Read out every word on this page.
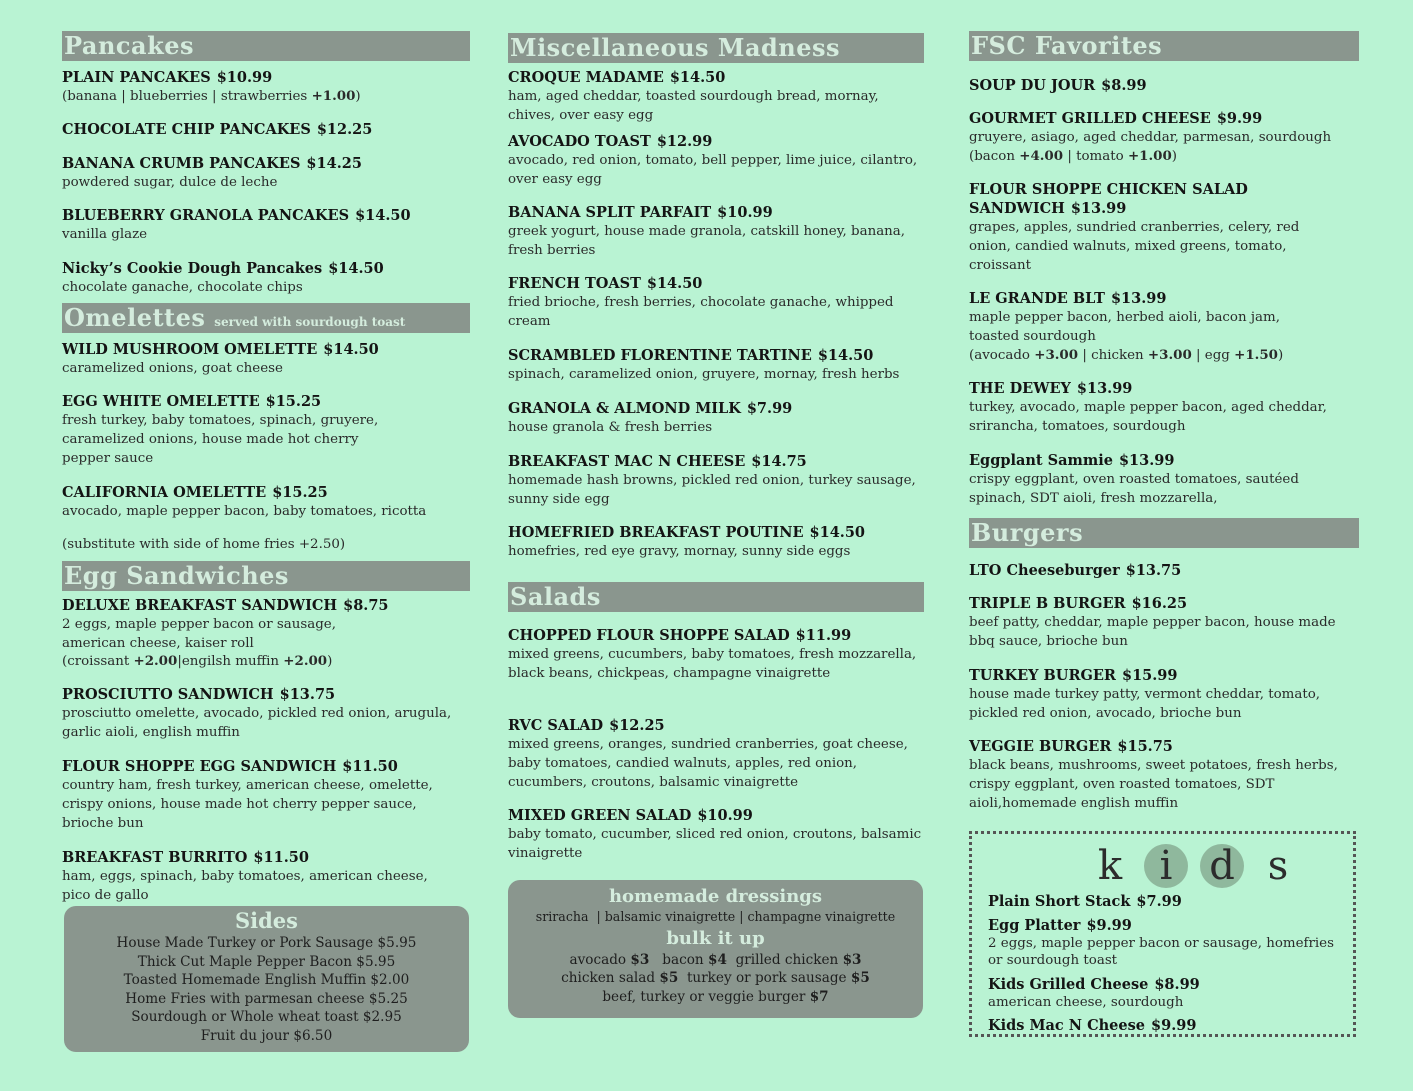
Pancakes
PLAIN PANCAKES $10.99
(banana | blueberries | strawberries +1.00)
CHOCOLATE CHIP PANCAKES $12.25
BANANA CRUMB PANCAKES $14.25

powdered sugar, dulce de leche

BLUEBERRY GRANOLA PANCAKES $14.50

vanilla glaze

Nicky’s Cookie Dough Pancakes $14.50

chocolate ganache, chocolate chips

Omelettes served with sourdough toast
WILD MUSHROOM OMELETTE $14.50

caramelized onions, goat cheese

EGG WHITE OMELETTE $15.25

fresh turkey, baby tomatoes, spinach, gruyere, caramelized onions, house made hot cherry pepper sauce

CALIFORNIA OMELETTE $15.25

avocado, maple pepper bacon, baby tomatoes, ricotta

(substitute with side of home fries +2.50)

Egg Sandwiches
DELUXE BREAKFAST SANDWICH $8.75

2 eggs, maple pepper bacon or sausage, american cheese, kaiser roll

(croissant +2.00|engilsh muffin +2.00)
PROSCIUTTO SANDWICH $13.75

prosciutto omelette, avocado, pickled red onion, arugula, garlic aioli, english muffin

FLOUR SHOPPE EGG SANDWICH $11.50

country ham, fresh turkey, american cheese, omelette, crispy onions, house made hot cherry pepper sauce, brioche bun

BREAKFAST BURRITO $11.50

ham, eggs, spinach, baby tomatoes, american cheese, pico de gallo

Sides
House Made Turkey or Pork Sausage $5.95
Thick Cut Maple Pepper Bacon $5.95
Toasted Homemade English Muffin $2.00
Home Fries with parmesan cheese $5.25
Sourdough or Whole wheat toast $2.95
Fruit du jour $6.50
Miscellaneous Madness
CROQUE MADAME $14.50

ham, aged cheddar, toasted sourdough bread, mornay, chives, over easy egg

AVOCADO TOAST $12.99

avocado, red onion, tomato, bell pepper, lime juice, cilantro, over easy egg

BANANA SPLIT PARFAIT $10.99

greek yogurt, house made granola, catskill honey, banana, fresh berries

FRENCH TOAST $14.50

fried brioche, fresh berries, chocolate ganache, whipped cream

SCRAMBLED FLORENTINE TARTINE $14.50

spinach, caramelized onion, gruyere, mornay, fresh herbs

GRANOLA & ALMOND MILK $7.99

house granola & fresh berries

BREAKFAST MAC N CHEESE $14.75

homemade hash browns, pickled red onion, turkey sausage, sunny side egg

HOMEFRIED BREAKFAST POUTINE $14.50

homefries, red eye gravy, mornay, sunny side eggs

Salads
CHOPPED FLOUR SHOPPE SALAD $11.99

mixed greens, cucumbers, baby tomatoes, fresh mozzarella, black beans, chickpeas, champagne vinaigrette

RVC SALAD $12.25

mixed greens, oranges, sundried cranberries, goat cheese, baby tomatoes, candied walnuts, apples, red onion, cucumbers, croutons, balsamic vinaigrette

MIXED GREEN SALAD $10.99

baby tomato, cucumber, sliced red onion, croutons, balsamic vinaigrette

homemade dressings
sriracha  | balsamic vinaigrette | champagne vinaigrette
bulk it up
avocado $3   bacon $4  grilled chicken $3
chicken salad $5  turkey or pork sausage $5
beef, turkey or veggie burger $7
FSC Favorites
SOUP DU JOUR $8.99
GOURMET GRILLED CHEESE $9.99

gruyere, asiago, aged cheddar, parmesan, sourdough

(bacon +4.00 | tomato +1.00)
FLOUR SHOPPE CHICKEN SALAD
SANDWICH $13.99

grapes, apples, sundried cranberries, celery, red onion, candied walnuts, mixed greens, tomato, croissant

LE GRANDE BLT $13.99

maple pepper bacon, herbed aioli, bacon jam, toasted sourdough

(avocado +3.00 | chicken +3.00 | egg +1.50)
THE DEWEY $13.99

turkey, avocado, maple pepper bacon, aged cheddar, srirancha, tomatoes, sourdough

Eggplant Sammie $13.99

crispy eggplant, oven roasted tomatoes, sautéed spinach, SDT aioli, fresh mozzarella,

Burgers
LTO Cheeseburger $13.75
TRIPLE B BURGER $16.25

beef patty, cheddar, maple pepper bacon, house made bbq sauce, brioche bun

TURKEY BURGER $15.99

house made turkey patty, vermont cheddar, tomato, pickled red onion, avocado, brioche bun

VEGGIE BURGER $15.75

black beans, mushrooms, sweet potatoes, fresh herbs, crispy eggplant, oven roasted tomatoes, SDT aioli,homemade english muffin

k i d s
Plain Short Stack $7.99
Egg Platter $9.99

2 eggs, maple pepper bacon or sausage, homefries or sourdough toast

Kids Grilled Cheese $8.99

american cheese, sourdough

Kids Mac N Cheese $9.99
